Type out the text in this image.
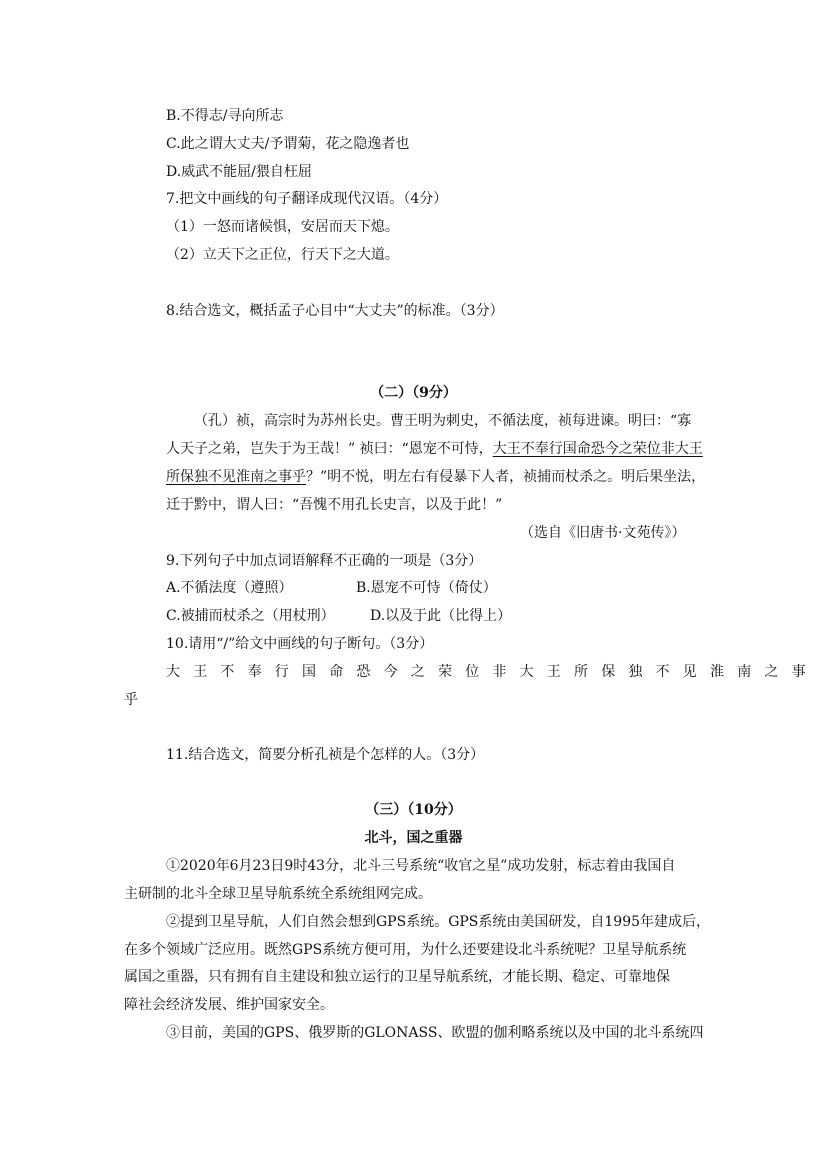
B.不得志/寻向所志

C.此之谓大丈夫/予谓菊，花之隐逸者也

D.威武不能屈/猥自枉屈

7.把文中画线的句子翻译成现代汉语。（4分）

（1）一怒而诸候惧，安居而天下熄。

（2）立天下之正位，行天下之大道。

8.结合选文，概括孟子心目中“大丈夫”的标准。（3分）

（二）（9分）

（孔）祯，高宗时为苏州长史。曹王明为刺史，不循法度，祯每进谏。明曰：“寡

人天子之弟，岂失于为王哉！” 祯曰：“恩宠不可恃，大王不奉行国命恐今之荣位非大王

所保独不见淮南之事乎？”明不悦，明左右有侵暴下人者，祯捕而杖杀之。明后果坐法，

迁于黔中，谓人曰：“吾愧不用孔长史言，以及于此！”

（选自《旧唐书·文苑传》）

9.下列句子中加点词语解释不正确的一项是（3分）

A.不循法度（遵照）	B.恩宠不可恃（倚仗）

C.被捕而杖杀之（用杖刑）	D.以及于此（比得上）

10.请用“/”给文中画线的句子断句。（3分）

大王不奉行国命恐今之荣位非大王所保独不见淮南之事

乎

11.结合选文，简要分析孔祯是个怎样的人。（3分）

（三）（10分）

北斗，国之重器

①2020年6月23日9时43分，北斗三号系统“收官之星”成功发射，标志着由我国自

主研制的北斗全球卫星导航系统全系统组网完成。

②提到卫星导航，人们自然会想到GPS系统。GPS系统由美国研发，自1995年建成后，

在多个领域广泛应用。既然GPS系统方便可用，为什么还要建设北斗系统呢？卫星导航系统

属国之重器，只有拥有自主建设和独立运行的卫星导航系统，才能长期、稳定、可靠地保

障社会经济发展、维护国家安全。

③目前，美国的GPS、俄罗斯的GLONASS、欧盟的伽利略系统以及中国的北斗系统四
